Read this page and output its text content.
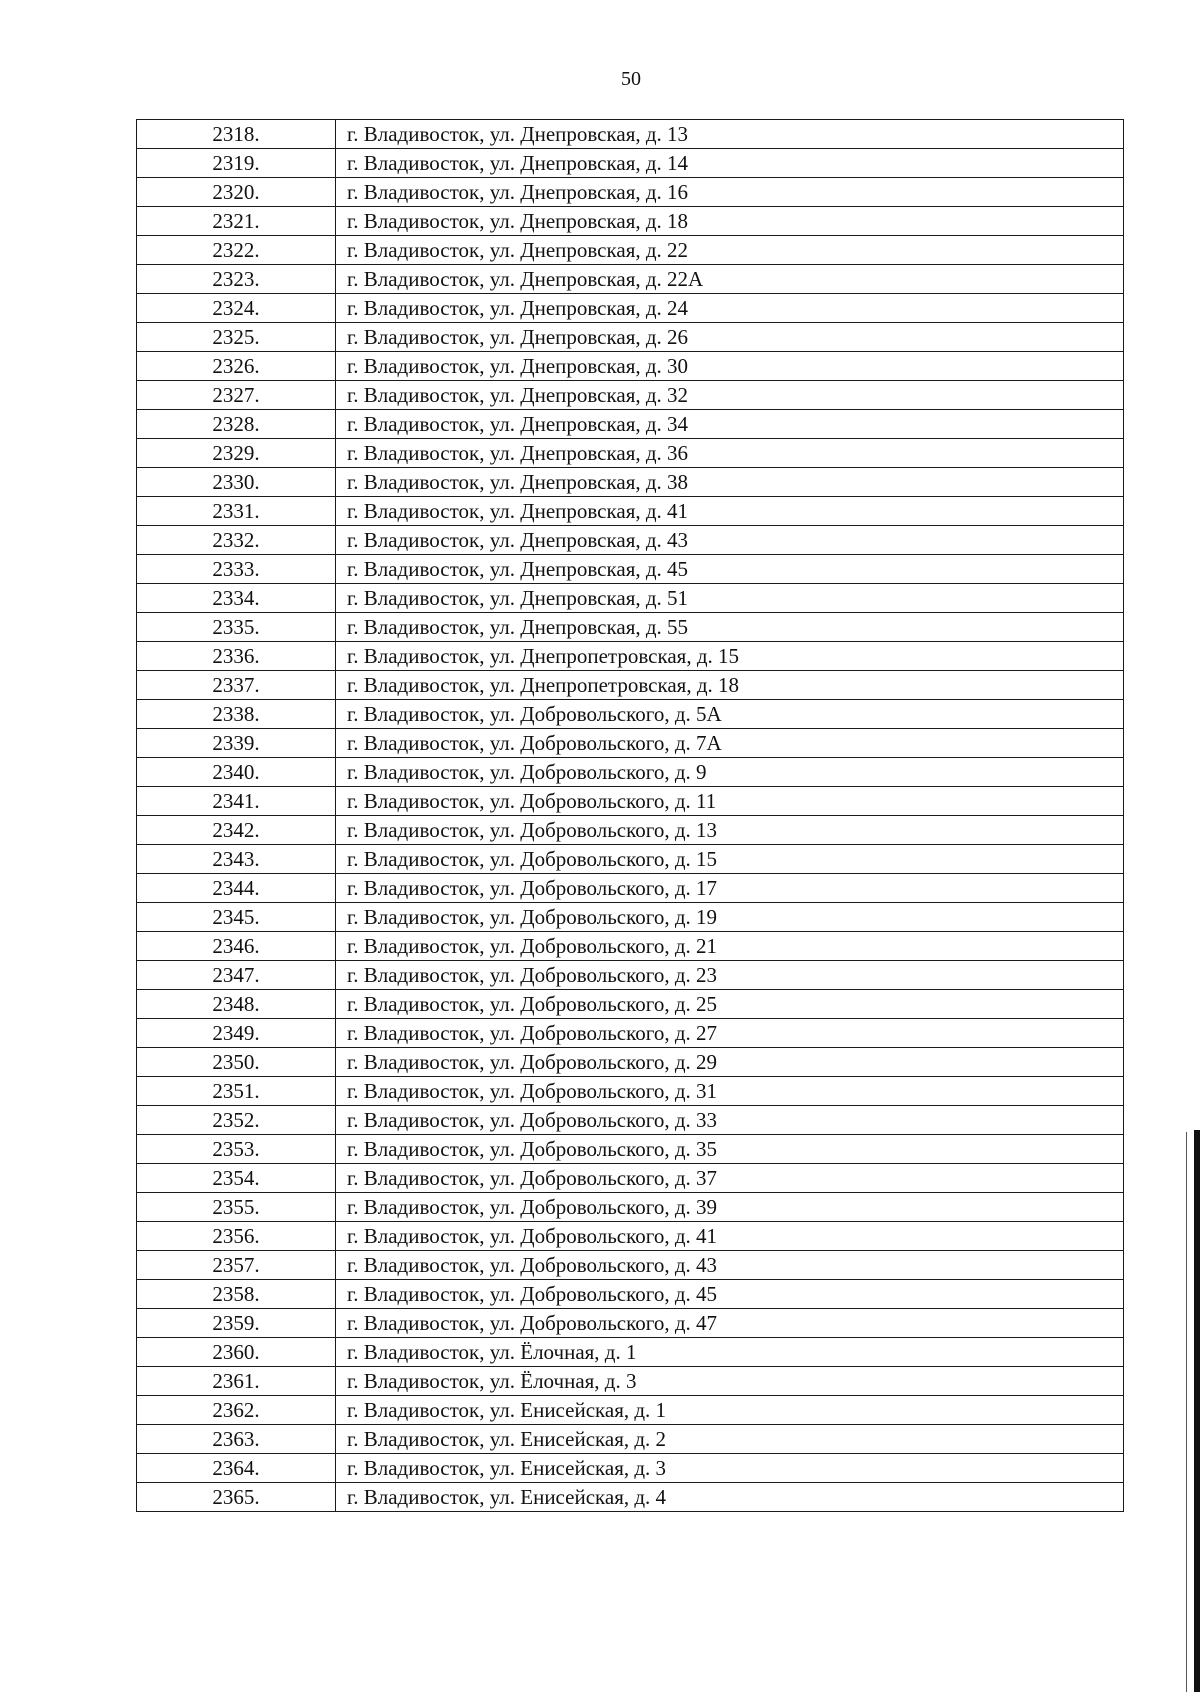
50
2318.	г. Владивосток, ул. Днепровская, д. 13
2319.	г. Владивосток, ул. Днепровская, д. 14
2320.	г. Владивосток, ул. Днепровская, д. 16
2321.	г. Владивосток, ул. Днепровская, д. 18
2322.	г. Владивосток, ул. Днепровская, д. 22
2323.	г. Владивосток, ул. Днепровская, д. 22А
2324.	г. Владивосток, ул. Днепровская, д. 24
2325.	г. Владивосток, ул. Днепровская, д. 26
2326.	г. Владивосток, ул. Днепровская, д. 30
2327.	г. Владивосток, ул. Днепровская, д. 32
2328.	г. Владивосток, ул. Днепровская, д. 34
2329.	г. Владивосток, ул. Днепровская, д. 36
2330.	г. Владивосток, ул. Днепровская, д. 38
2331.	г. Владивосток, ул. Днепровская, д. 41
2332.	г. Владивосток, ул. Днепровская, д. 43
2333.	г. Владивосток, ул. Днепровская, д. 45
2334.	г. Владивосток, ул. Днепровская, д. 51
2335.	г. Владивосток, ул. Днепровская, д. 55
2336.	г. Владивосток, ул. Днепропетровская, д. 15
2337.	г. Владивосток, ул. Днепропетровская, д. 18
2338.	г. Владивосток, ул. Добровольского, д. 5А
2339.	г. Владивосток, ул. Добровольского, д. 7А
2340.	г. Владивосток, ул. Добровольского, д. 9
2341.	г. Владивосток, ул. Добровольского, д. 11
2342.	г. Владивосток, ул. Добровольского, д. 13
2343.	г. Владивосток, ул. Добровольского, д. 15
2344.	г. Владивосток, ул. Добровольского, д. 17
2345.	г. Владивосток, ул. Добровольского, д. 19
2346.	г. Владивосток, ул. Добровольского, д. 21
2347.	г. Владивосток, ул. Добровольского, д. 23
2348.	г. Владивосток, ул. Добровольского, д. 25
2349.	г. Владивосток, ул. Добровольского, д. 27
2350.	г. Владивосток, ул. Добровольского, д. 29
2351.	г. Владивосток, ул. Добровольского, д. 31
2352.	г. Владивосток, ул. Добровольского, д. 33
2353.	г. Владивосток, ул. Добровольского, д. 35
2354.	г. Владивосток, ул. Добровольского, д. 37
2355.	г. Владивосток, ул. Добровольского, д. 39
2356.	г. Владивосток, ул. Добровольского, д. 41
2357.	г. Владивосток, ул. Добровольского, д. 43
2358.	г. Владивосток, ул. Добровольского, д. 45
2359.	г. Владивосток, ул. Добровольского, д. 47
2360.	г. Владивосток, ул. Ёлочная, д. 1
2361.	г. Владивосток, ул. Ёлочная, д. 3
2362.	г. Владивосток, ул. Енисейская, д. 1
2363.	г. Владивосток, ул. Енисейская, д. 2
2364.	г. Владивосток, ул. Енисейская, д. 3
2365.	г. Владивосток, ул. Енисейская, д. 4
